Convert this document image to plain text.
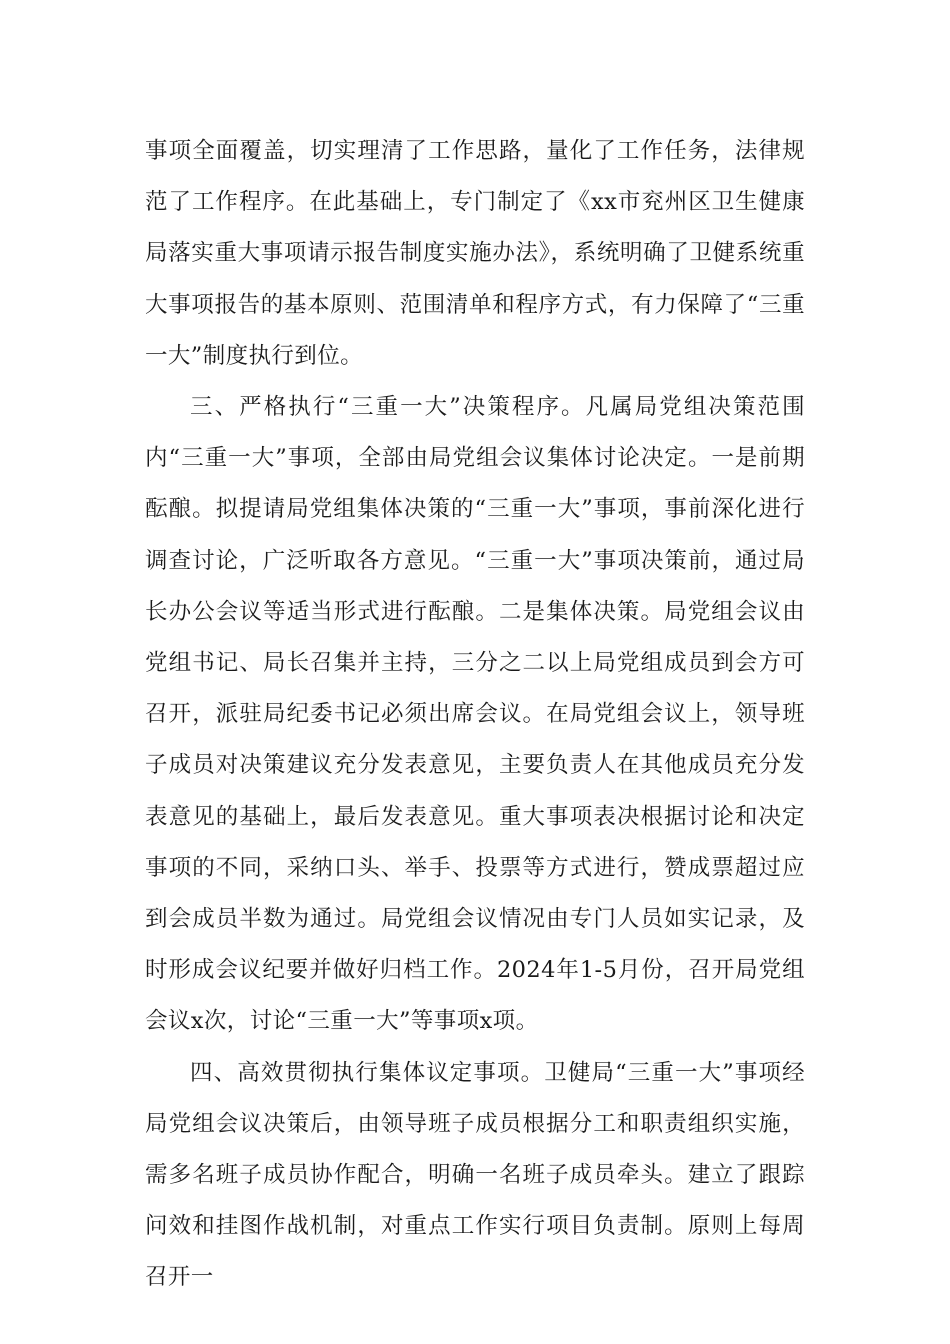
事项全面覆盖，切实理清了工作思路，量化了工作任务，法律规范了工作程序。在此基础上，专门制定了《xx市兖州区卫生健康局落实重大事项请示报告制度实施办法》，系统明确了卫健系统重大事项报告的基本原则、范围清单和程序方式，有力保障了“三重一大”制度执行到位。

三、严格执行“三重一大”决策程序。凡属局党组决策范围内“三重一大”事项，全部由局党组会议集体讨论决定。一是前期酝酿。拟提请局党组集体决策的“三重一大”事项，事前深化进行调查讨论，广泛听取各方意见。“三重一大”事项决策前，通过局长办公会议等适当形式进行酝酿。二是集体决策。局党组会议由党组书记、局长召集并主持，三分之二以上局党组成员到会方可召开，派驻局纪委书记必须出席会议。在局党组会议上，领导班子成员对决策建议充分发表意见，主要负责人在其他成员充分发表意见的基础上，最后发表意见。重大事项表决根据讨论和决定事项的不同，采纳口头、举手、投票等方式进行，赞成票超过应到会成员半数为通过。局党组会议情况由专门人员如实记录，及时形成会议纪要并做好归档工作。2024年1-5月份，召开局党组会议x次，讨论“三重一大”等事项x项。

四、高效贯彻执行集体议定事项。卫健局“三重一大”事项经局党组会议决策后，由领导班子成员根据分工和职责组织实施，需多名班子成员协作配合，明确一名班子成员牵头。建立了跟踪问效和挂图作战机制，对重点工作实行项目负责制。原则上每周召开一
